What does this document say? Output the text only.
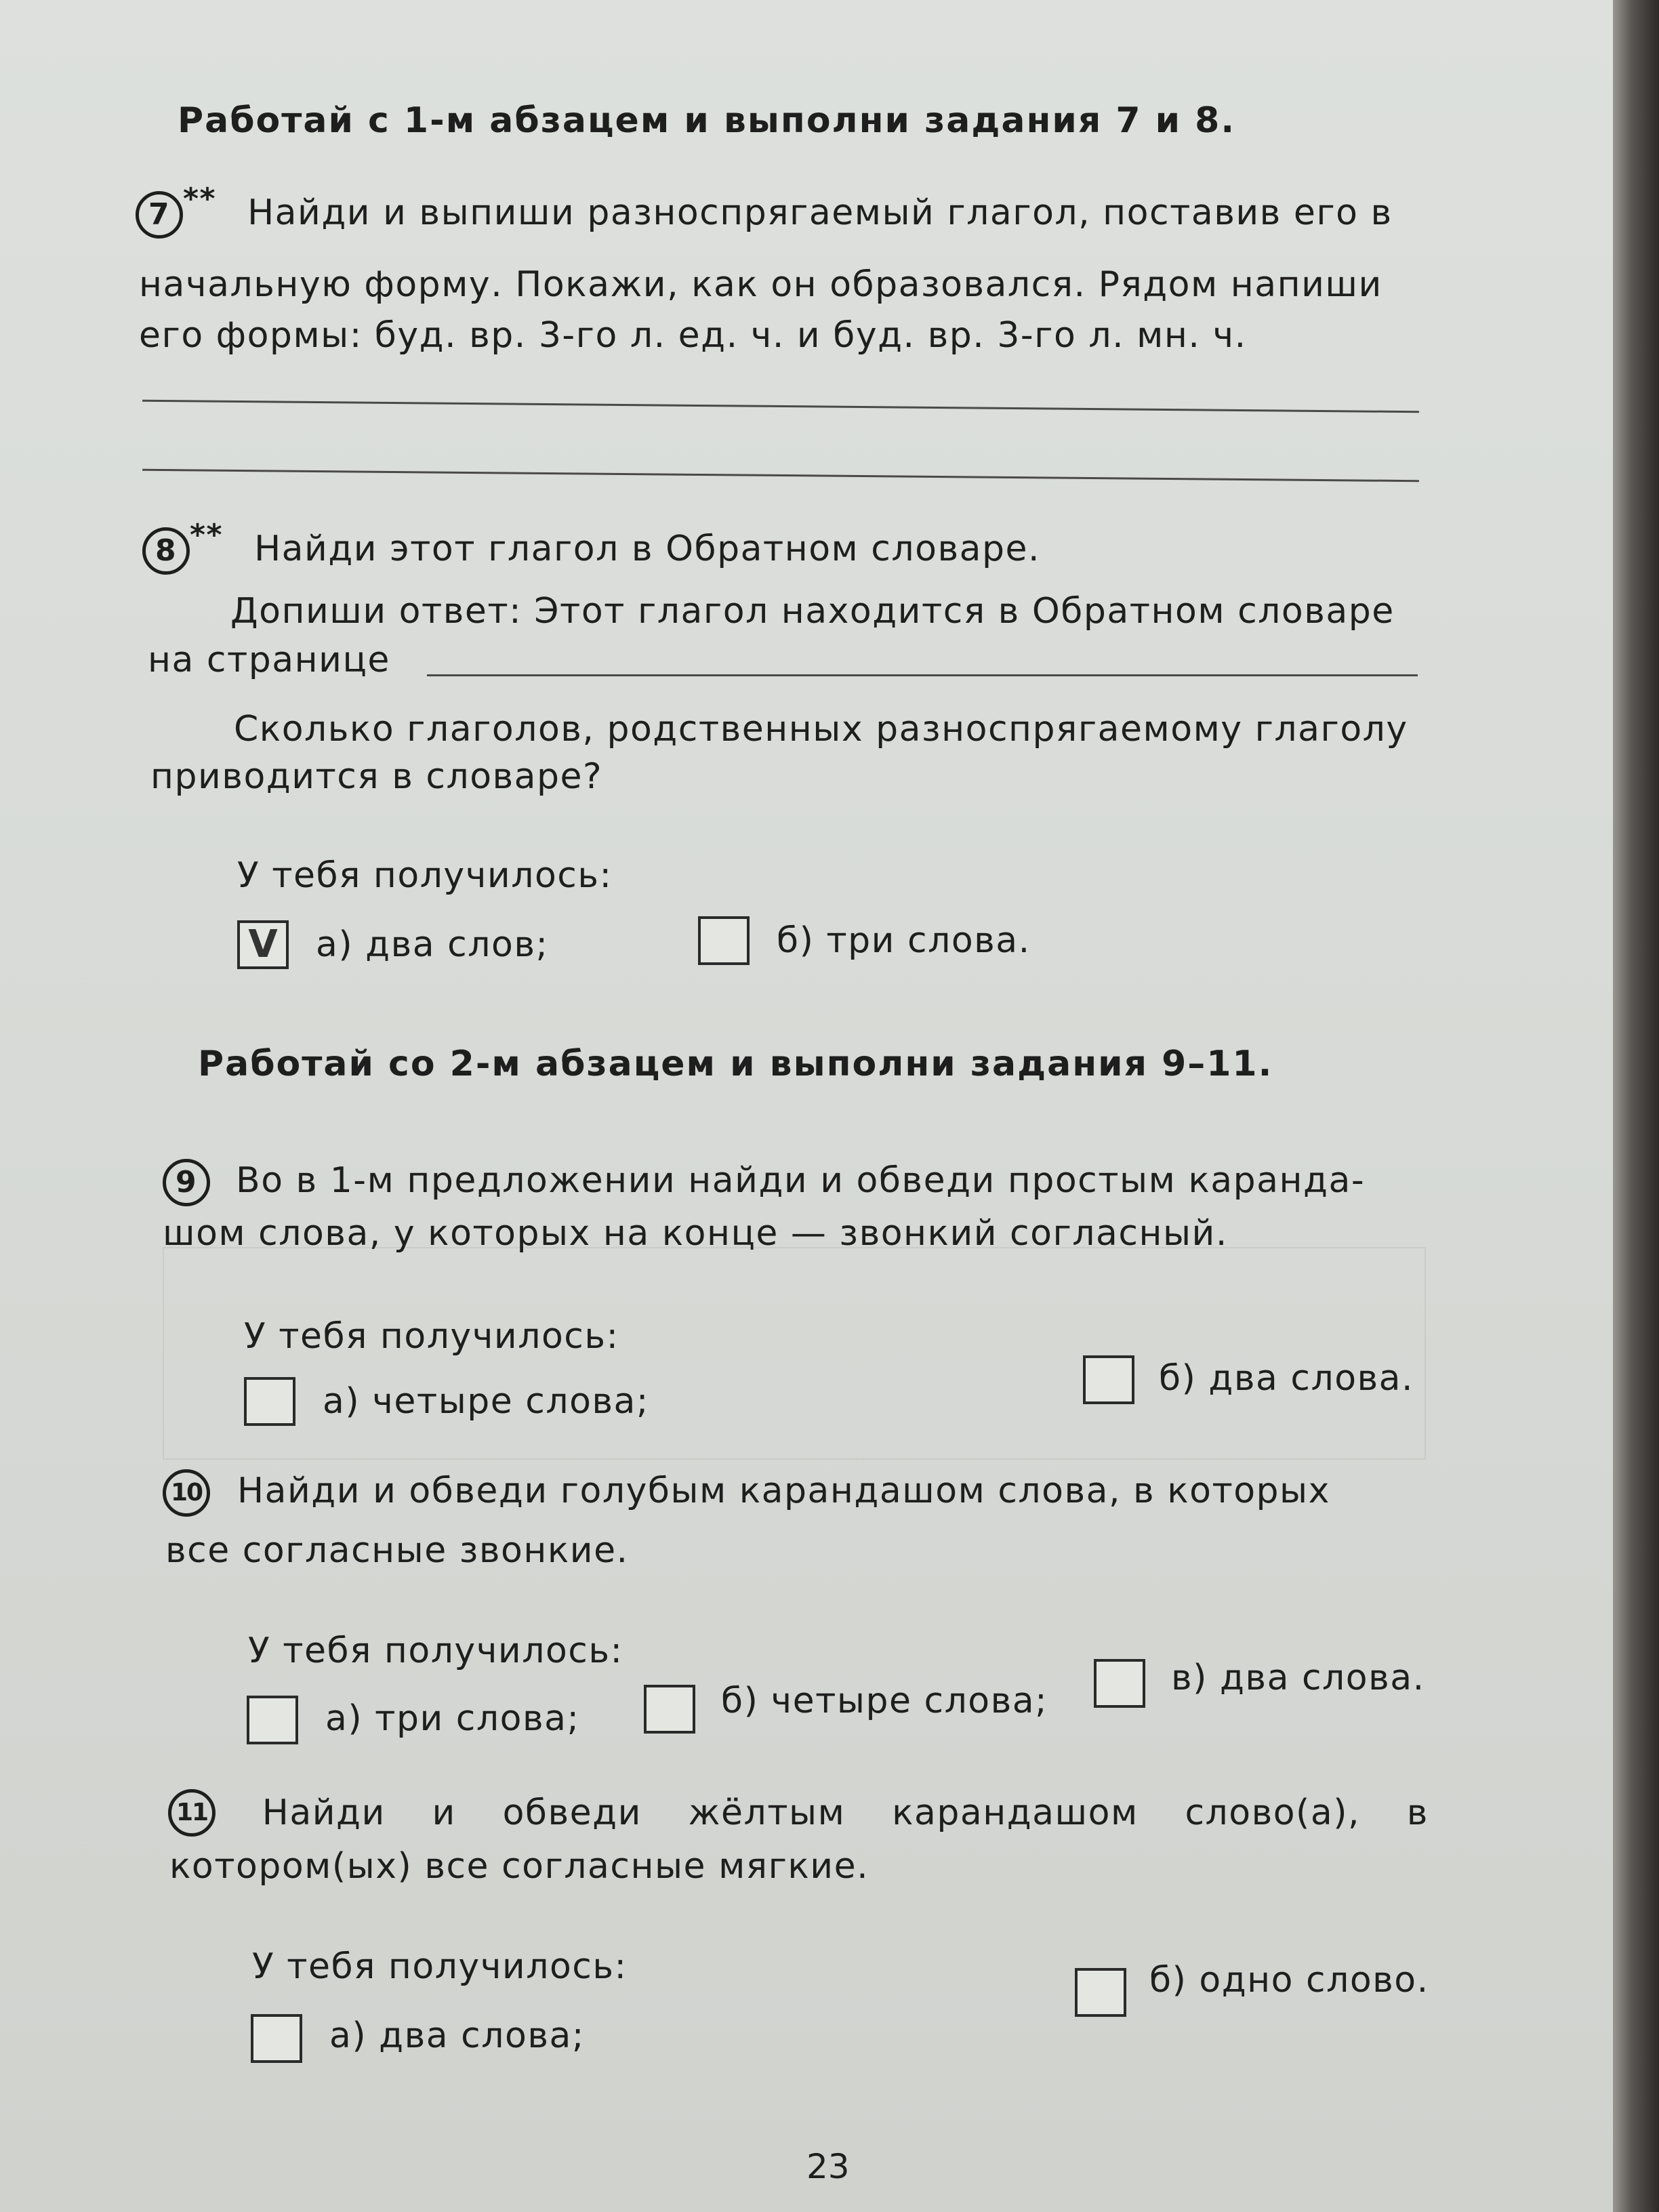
Работай с 1-м абзацем и выполни задания 7 и 8.
7 ** Найди и выпиши разноспрягаемый глагол, поставив его в
начальную форму. Покажи, как он образовался. Рядом напиши
его формы: буд. вр. 3-го л. ед. ч. и буд. вр. 3-го л. мн. ч.
8 ** Найди этот глагол в Обратном словаре.
Допиши ответ: Этот глагол находится в Обратном словаре
на странице
Сколько глаголов, родственных разноспрягаемому глаголу
приводится в словаре?
У тебя получилось:
V	а) два слов;	б) три слова.
Работай со 2-м абзацем и выполни задания 9–11.
9 Во в 1-м предложении найди и обведи простым каранда-
шом слова, у которых на конце — звонкий согласный.
У тебя получилось:
а) четыре слова;
б) два слова.
10 Найди и обведи голубым карандашом слова, в которых
все согласные звонкие.
У тебя получилось:
а) три слова;	б) четыре слова;
в) два слова.
11 Найди и обведи жёлтым карандашом слово(а), в
котором(ых) все согласные мягкие.
У тебя получилось:
а) два слова;
б) одно слово.
23
